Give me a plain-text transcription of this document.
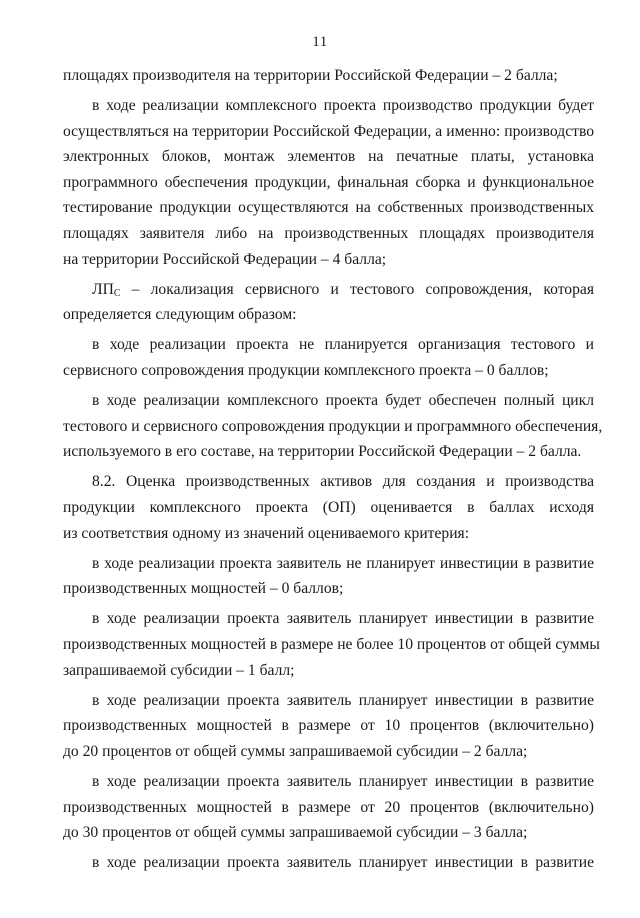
11
площадях производителя на территории Российской Федерации – 2 балла;
в ходе реализации комплексного проекта производство продукции будет
осуществляться на территории Российской Федерации, а именно: производство
электронных блоков, монтаж элементов на печатные платы, установка
программного обеспечения продукции, финальная сборка и функциональное
тестирование продукции осуществляются на собственных производственных
площадях заявителя либо на производственных площадях производителя
на территории Российской Федерации – 4 балла;
$ЛП_С$ – локализация сервисного и тестового сопровождения, которая
определяется следующим образом:
в ходе реализации проекта не планируется организация тестового и
сервисного сопровождения продукции комплексного проекта – 0 баллов;
в ходе реализации комплексного проекта будет обеспечен полный цикл
тестового и сервисного сопровождения продукции и программного обеспечения,
используемого в его составе, на территории Российской Федерации – 2 балла.
8.2. Оценка производственных активов для создания и производства
продукции комплексного проекта (ОП) оценивается в баллах исходя
из соответствия одному из значений оцениваемого критерия:
в ходе реализации проекта заявитель не планирует инвестиции в развитие
производственных мощностей – 0 баллов;
в ходе реализации проекта заявитель планирует инвестиции в развитие
производственных мощностей в размере не более 10 процентов от общей суммы
запрашиваемой субсидии – 1 балл;
в ходе реализации проекта заявитель планирует инвестиции в развитие
производственных мощностей в размере от 10 процентов (включительно)
до 20 процентов от общей суммы запрашиваемой субсидии – 2 балла;
в ходе реализации проекта заявитель планирует инвестиции в развитие
производственных мощностей в размере от 20 процентов (включительно)
до 30 процентов от общей суммы запрашиваемой субсидии – 3 балла;
в ходе реализации проекта заявитель планирует инвестиции в развитие
